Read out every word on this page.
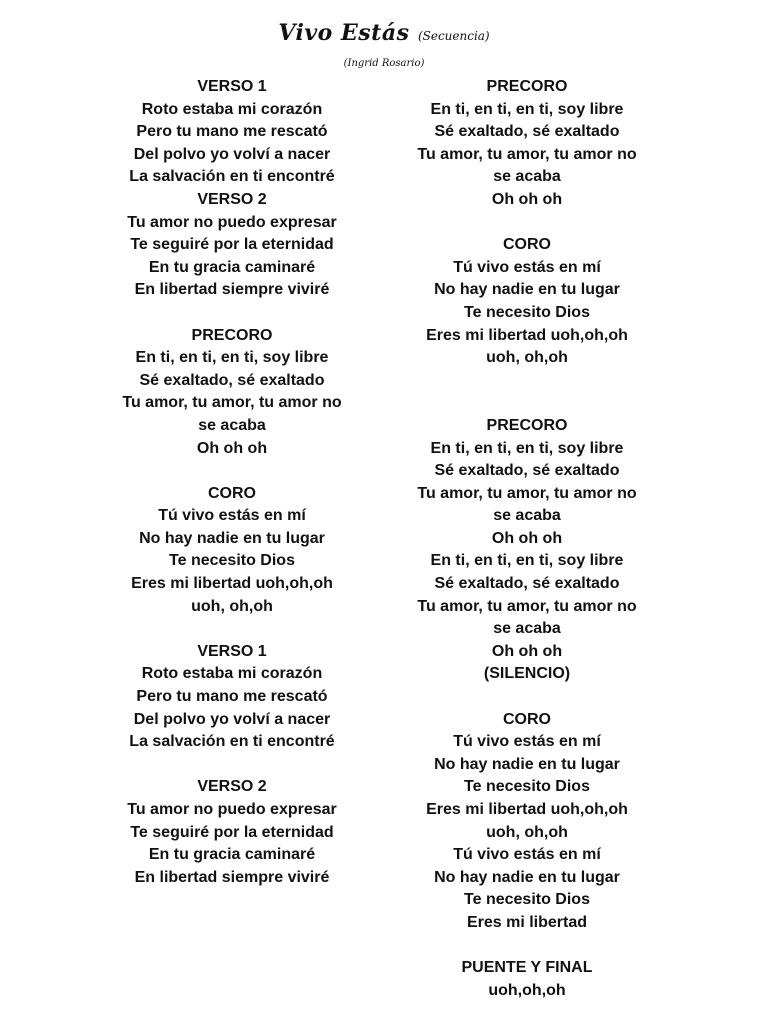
Vivo Estás (Secuencia)
(Ingrid Rosario)
VERSO 1
Roto estaba mi corazón
Pero tu mano me rescató
Del polvo yo volví a nacer
La salvación en ti encontré
VERSO 2
Tu amor no puedo expresar
Te seguiré por la eternidad
En tu gracia caminaré
En libertad siempre viviré
PRECORO
En ti, en ti, en ti, soy libre
Sé exaltado, sé exaltado
Tu amor, tu amor, tu amor no
se acaba
Oh oh oh
CORO
Tú vivo estás en mí
No hay nadie en tu lugar
Te necesito Dios
Eres mi libertad uoh,oh,oh
uoh, oh,oh
VERSO 1
Roto estaba mi corazón
Pero tu mano me rescató
Del polvo yo volví a nacer
La salvación en ti encontré
VERSO 2
Tu amor no puedo expresar
Te seguiré por la eternidad
En tu gracia caminaré
En libertad siempre viviré
PRECORO
En ti, en ti, en ti, soy libre
Sé exaltado, sé exaltado
Tu amor, tu amor, tu amor no
se acaba
Oh oh oh
CORO
Tú vivo estás en mí
No hay nadie en tu lugar
Te necesito Dios
Eres mi libertad uoh,oh,oh
uoh, oh,oh
PRECORO
En ti, en ti, en ti, soy libre
Sé exaltado, sé exaltado
Tu amor, tu amor, tu amor no
se acaba
Oh oh oh
En ti, en ti, en ti, soy libre
Sé exaltado, sé exaltado
Tu amor, tu amor, tu amor no
se acaba
Oh oh oh
(SILENCIO)
CORO
Tú vivo estás en mí
No hay nadie en tu lugar
Te necesito Dios
Eres mi libertad uoh,oh,oh
uoh, oh,oh
Tú vivo estás en mí
No hay nadie en tu lugar
Te necesito Dios
Eres mi libertad
PUENTE Y FINAL
uoh,oh,oh
